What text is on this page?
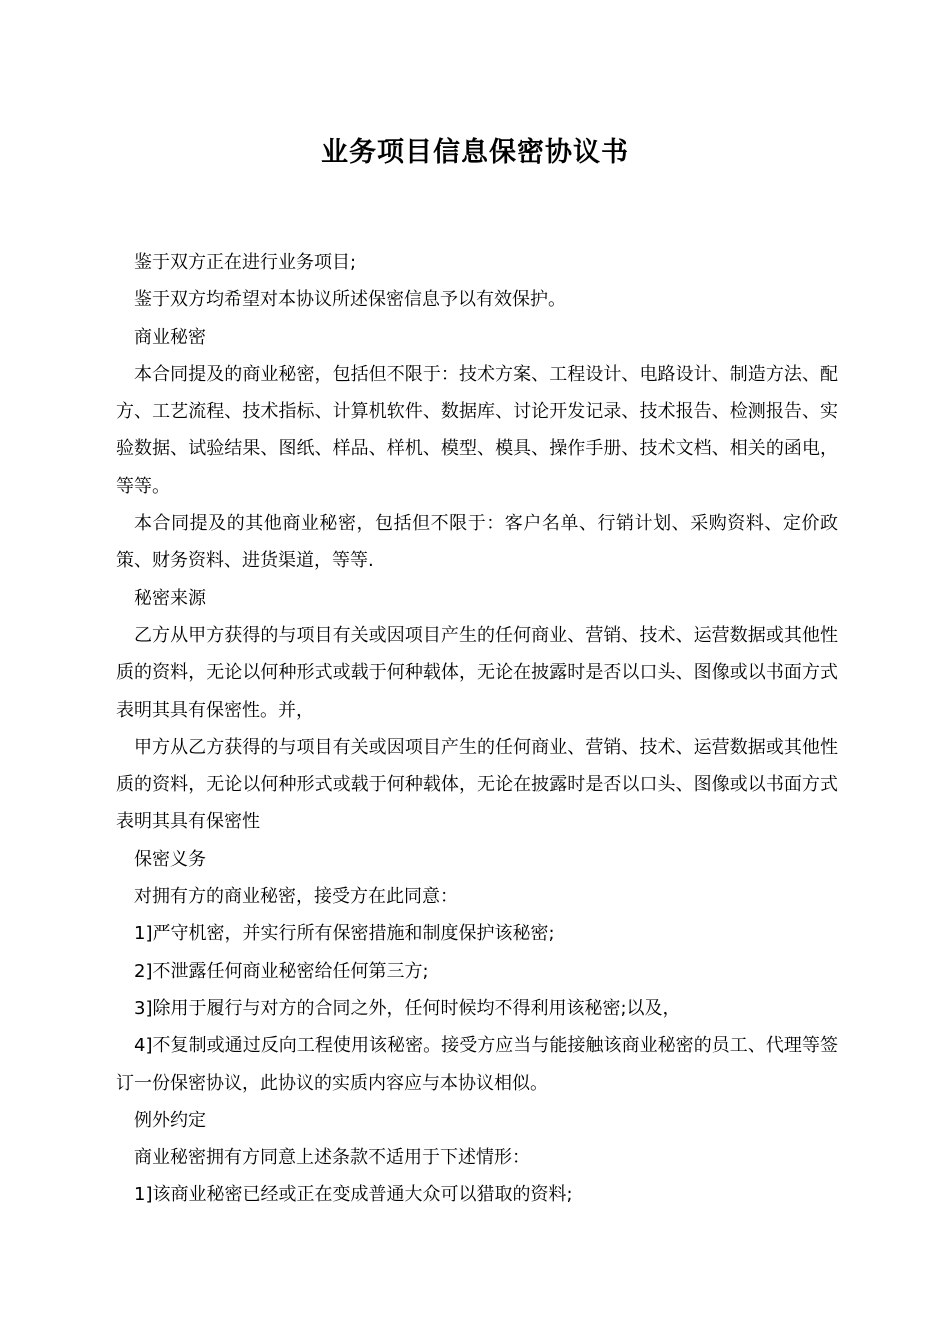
业务项目信息保密协议书

鉴于双方正在进行业务项目;

鉴于双方均希望对本协议所述保密信息予以有效保护。

商业秘密

本合同提及的商业秘密，包括但不限于：技术方案、工程设计、电路设计、制造方法、配方、工艺流程、技术指标、计算机软件、数据库、讨论开发记录、技术报告、检测报告、实验数据、试验结果、图纸、样品、样机、模型、模具、操作手册、技术文档、相关的函电，等等。

本合同提及的其他商业秘密，包括但不限于：客户名单、行销计划、采购资料、定价政策、财务资料、进货渠道，等等.

秘密来源

乙方从甲方获得的与项目有关或因项目产生的任何商业、营销、技术、运营数据或其他性质的资料，无论以何种形式或载于何种载体，无论在披露时是否以口头、图像或以书面方式表明其具有保密性。并，

甲方从乙方获得的与项目有关或因项目产生的任何商业、营销、技术、运营数据或其他性质的资料，无论以何种形式或载于何种载体，无论在披露时是否以口头、图像或以书面方式表明其具有保密性

保密义务

对拥有方的商业秘密，接受方在此同意：

1]严守机密，并实行所有保密措施和制度保护该秘密;

2]不泄露任何商业秘密给任何第三方;

3]除用于履行与对方的合同之外，任何时候均不得利用该秘密;以及，

4]不复制或通过反向工程使用该秘密。接受方应当与能接触该商业秘密的员工、代理等签订一份保密协议，此协议的实质内容应与本协议相似。

例外约定

商业秘密拥有方同意上述条款不适用于下述情形：

1]该商业秘密已经或正在变成普通大众可以猎取的资料;
